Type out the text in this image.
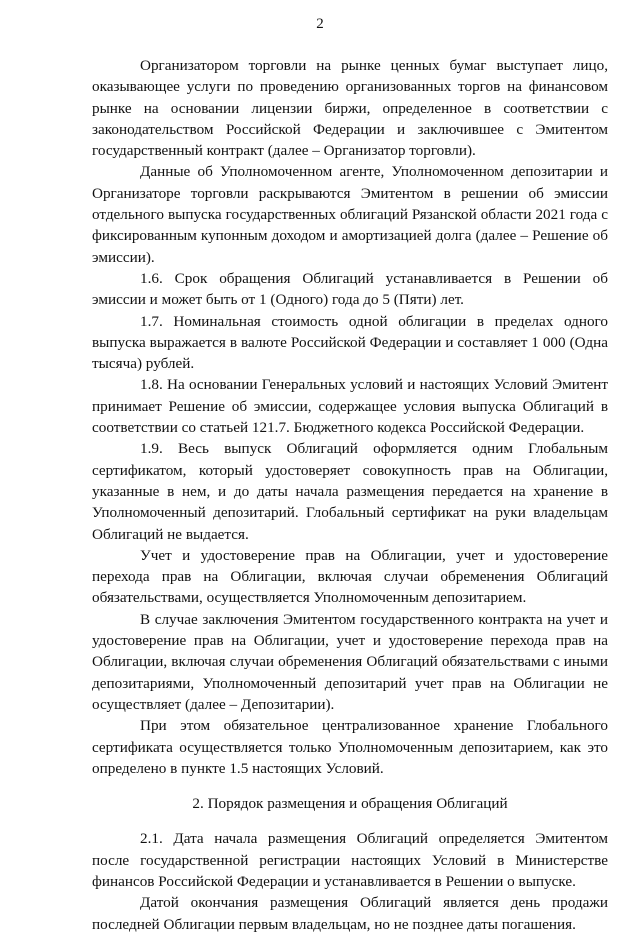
2

Организатором торговли на рынке ценных бумаг выступает лицо, оказывающее услуги по проведению организованных торгов на финансовом рынке на основании лицензии биржи, определенное в соответствии с законодательством Российской Федерации и заключившее с Эмитентом государственный контракт (далее – Организатор торговли).

Данные об Уполномоченном агенте, Уполномоченном депозитарии и Организаторе торговли раскрываются Эмитентом в решении об эмиссии отдельного выпуска государственных облигаций Рязанской области 2021 года с фиксированным купонным доходом и амортизацией долга (далее – Решение об эмиссии).

1.6. Срок обращения Облигаций устанавливается в Решении об эмиссии и может быть от 1 (Одного) года до 5 (Пяти) лет.

1.7. Номинальная стоимость одной облигации в пределах одного выпуска выражается в валюте Российской Федерации и составляет 1 000 (Одна тысяча) рублей.

1.8. На основании Генеральных условий и настоящих Условий Эмитент принимает Решение об эмиссии, содержащее условия выпуска Облигаций в соответствии со статьей 121.7. Бюджетного кодекса Российской Федерации.

1.9. Весь выпуск Облигаций оформляется одним Глобальным сертификатом, который удостоверяет совокупность прав на Облигации, указанные в нем, и до даты начала размещения передается на хранение в Уполномоченный депозитарий. Глобальный сертификат на руки владельцам Облигаций не выдается.

Учет и удостоверение прав на Облигации, учет и удостоверение перехода прав на Облигации, включая случаи обременения Облигаций обязательствами, осуществляется Уполномоченным депозитарием.

В случае заключения Эмитентом государственного контракта на учет и удостоверение прав на Облигации, учет и удостоверение перехода прав на Облигации, включая случаи обременения Облигаций обязательствами с иными депозитариями, Уполномоченный депозитарий учет прав на Облигации не осуществляет (далее – Депозитарии).

При этом обязательное централизованное хранение Глобального сертификата осуществляется только Уполномоченным депозитарием, как это определено в пункте 1.5 настоящих Условий.

2. Порядок размещения и обращения Облигаций

2.1. Дата начала размещения Облигаций определяется Эмитентом после государственной регистрации настоящих Условий в Министерстве финансов Российской Федерации и устанавливается в Решении о выпуске.

Датой окончания размещения Облигаций является день продажи последней Облигации первым владельцам, но не позднее даты погашения.
